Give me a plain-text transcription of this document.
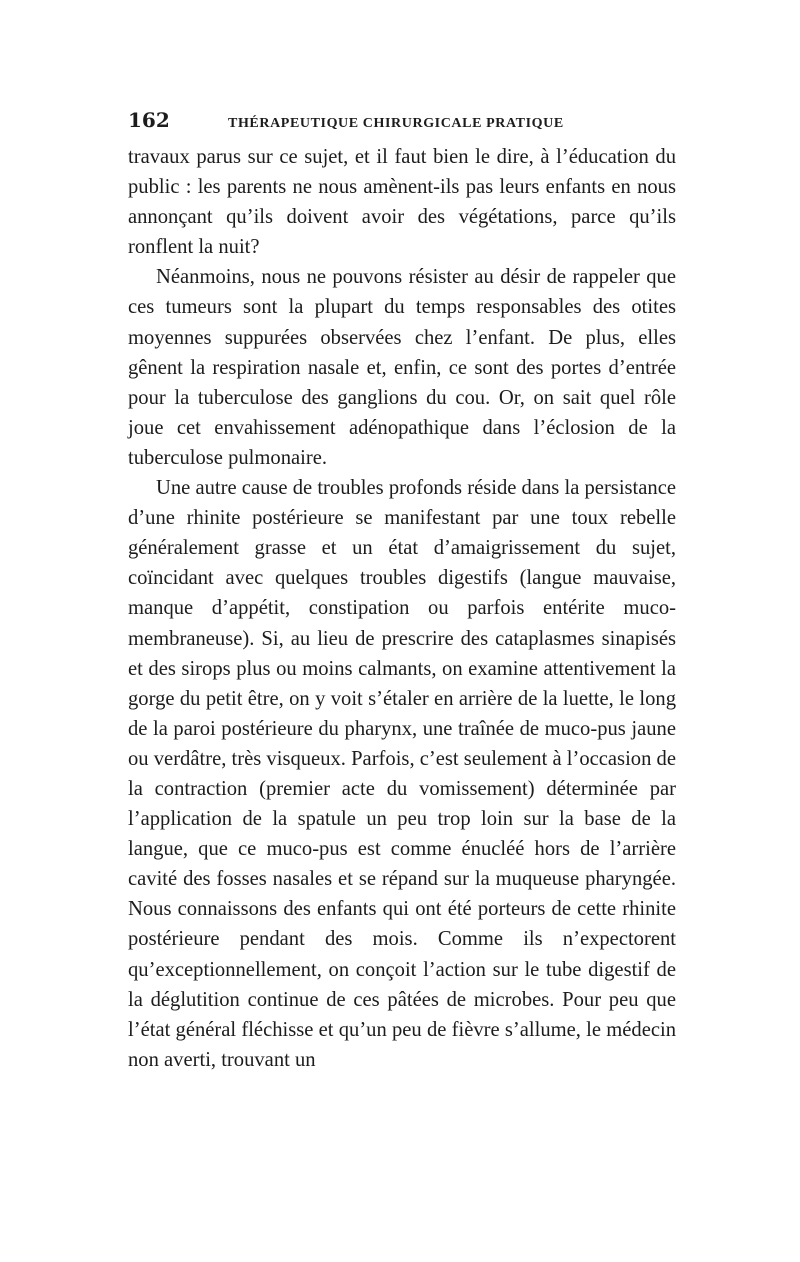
162	THÉRAPEUTIQUE CHIRURGICALE PRATIQUE

travaux parus sur ce sujet, et il faut bien le dire, à l’éducation du public : les parents ne nous amènent-ils pas leurs enfants en nous annonçant qu’ils doivent avoir des végétations, parce qu’ils ronflent la nuit?

Néanmoins, nous ne pouvons résister au désir de rappeler que ces tumeurs sont la plupart du temps responsables des otites moyennes suppurées observées chez l’enfant. De plus, elles gênent la respiration nasale et, enfin, ce sont des portes d’entrée pour la tuberculose des ganglions du cou. Or, on sait quel rôle joue cet envahissement adénopathique dans l’éclosion de la tuberculose pulmonaire.

Une autre cause de troubles profonds réside dans la persistance d’une rhinite postérieure se manifestant par une toux rebelle généralement grasse et un état d’amaigrissement du sujet, coïncidant avec quelques troubles digestifs (langue mauvaise, manque d’appétit, constipation ou parfois entérite muco-membraneuse). Si, au lieu de prescrire des cataplasmes sinapisés et des sirops plus ou moins calmants, on examine attentivement la gorge du petit être, on y voit s’étaler en arrière de la luette, le long de la paroi postérieure du pharynx, une traînée de muco-pus jaune ou verdâtre, très visqueux. Parfois, c’est seulement à l’occasion de la contraction (premier acte du vomissement) déterminée par l’application de la spatule un peu trop loin sur la base de la langue, que ce muco-pus est comme énucléé hors de l’arrière cavité des fosses nasales et se répand sur la muqueuse pharyngée. Nous connaissons des enfants qui ont été porteurs de cette rhinite postérieure pendant des mois. Comme ils n’expectorent qu’exceptionnellement, on conçoit l’action sur le tube digestif de la déglutition continue de ces pâtées de microbes. Pour peu que l’état général fléchisse et qu’un peu de fièvre s’allume, le médecin non averti, trouvant un
